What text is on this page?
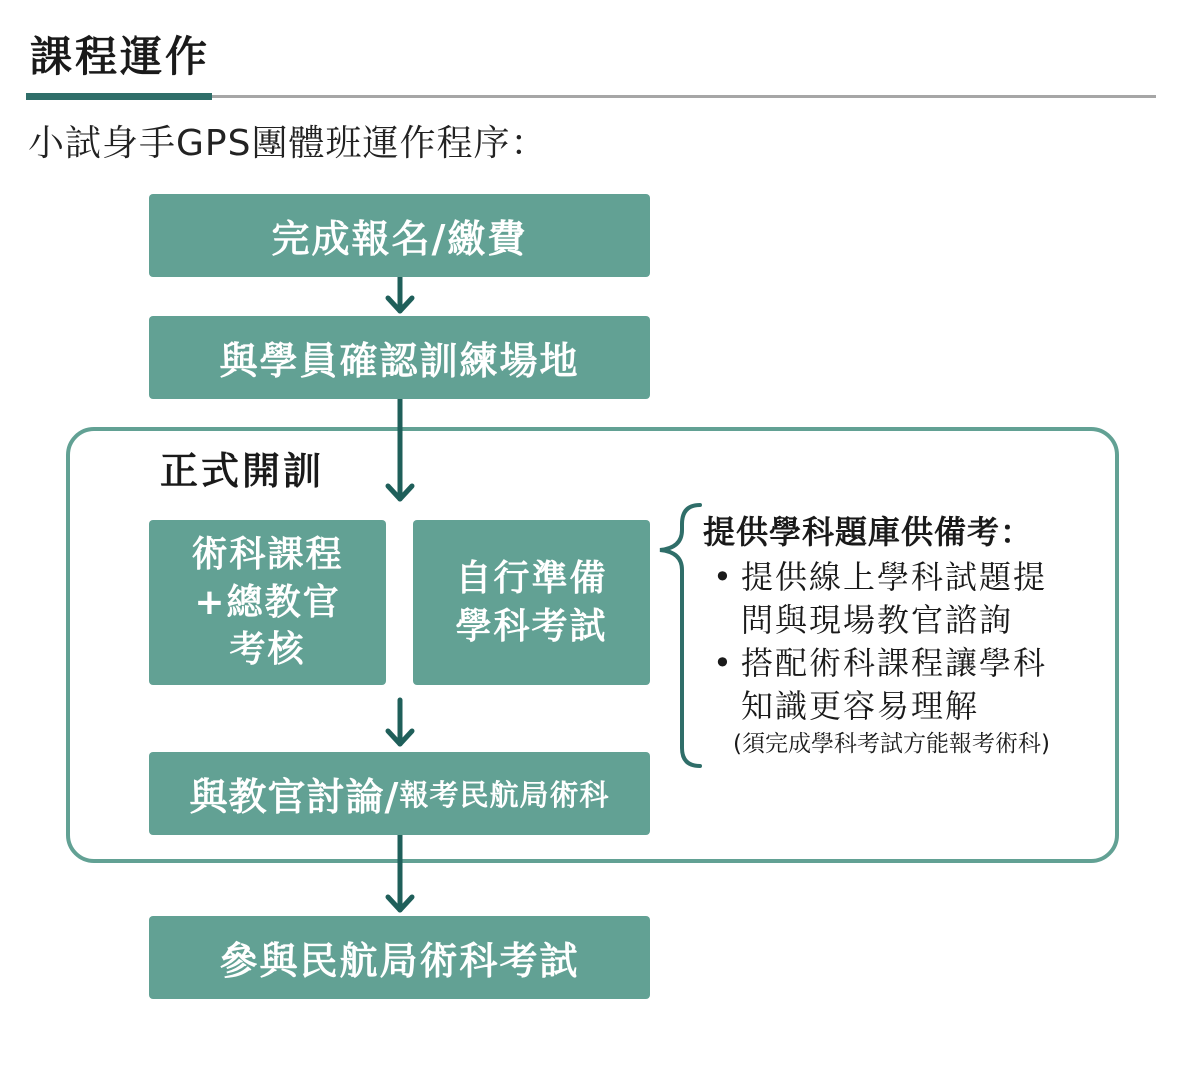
課程運作
小試身手GPS團體班運作程序：
正式開訓
完成報名/繳費
與學員確認訓練場地
術科課程
+總教官
考核
自行準備
學科考試
與教官討論/ 報考民航局術科
參與民航局術科考試
提供學科題庫供備考：
• 提供線上學科試題提
問與現場教官諮詢
• 搭配術科課程讓學科
知識更容易理解
(須完成學科考試方能報考術科)
